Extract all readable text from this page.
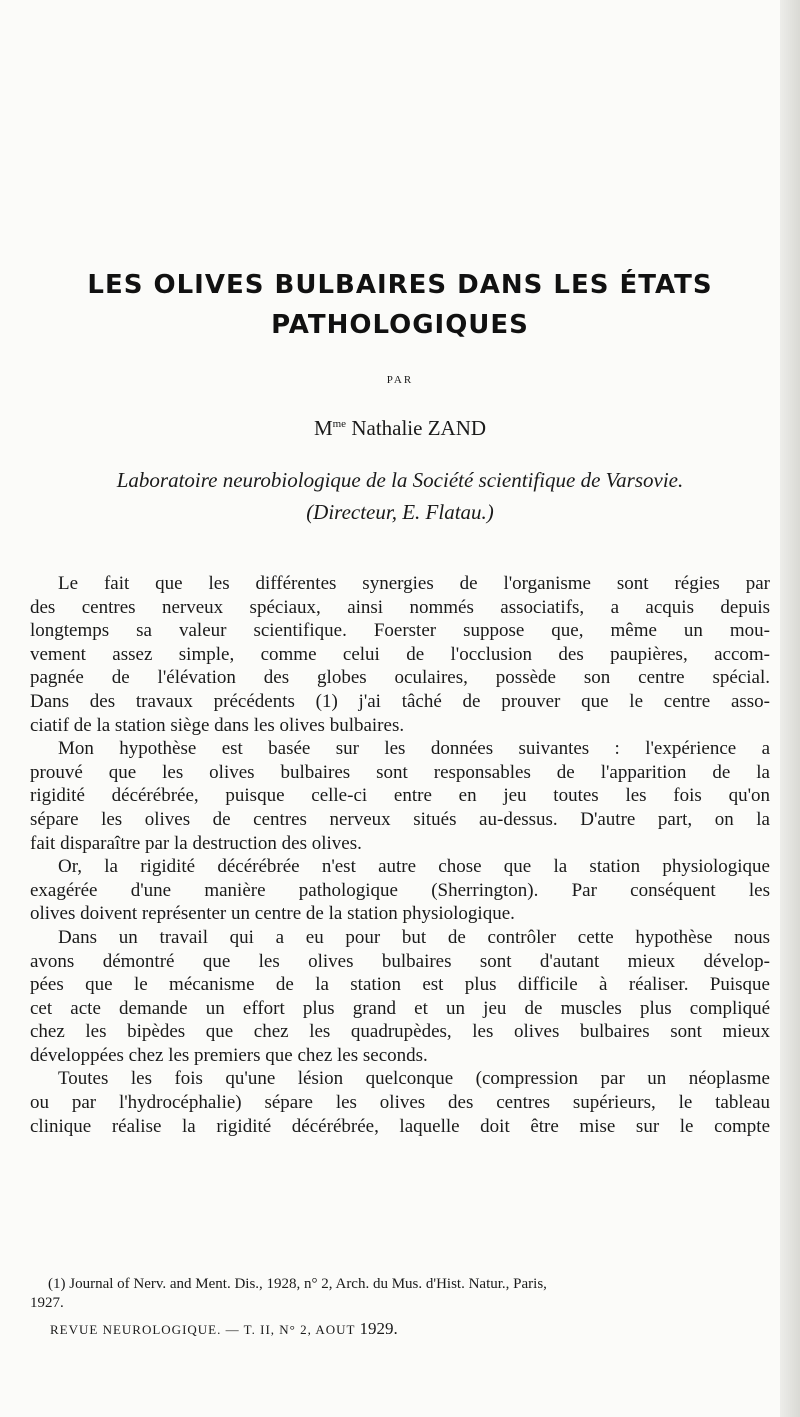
LES OLIVES BULBAIRES DANS LES ÉTATS
PATHOLOGIQUES
PAR
$M^{me}$ Nathalie ZAND
Laboratoire neurobiologique de la Société scientifique de Varsovie.
(Directeur, E. Flatau.)
Le fait que les différentes synergies de l'organisme sont régies par
des centres nerveux spéciaux, ainsi nommés associatifs, a acquis depuis
longtemps sa valeur scientifique. Foerster suppose que, même un mou-
vement assez simple, comme celui de l'occlusion des paupières, accom-
pagnée de l'élévation des globes oculaires, possède son centre spécial.
Dans des travaux précédents (1) j'ai tâché de prouver que le centre asso-
ciatif de la station siège dans les olives bulbaires.
Mon hypothèse est basée sur les données suivantes : l'expérience a
prouvé que les olives bulbaires sont responsables de l'apparition de la
rigidité décérébrée, puisque celle-ci entre en jeu toutes les fois qu'on
sépare les olives de centres nerveux situés au-dessus. D'autre part, on la
fait disparaître par la destruction des olives.
Or, la rigidité décérébrée n'est autre chose que la station physiologique
exagérée d'une manière pathologique (Sherrington). Par conséquent les
olives doivent représenter un centre de la station physiologique.
Dans un travail qui a eu pour but de contrôler cette hypothèse nous
avons démontré que les olives bulbaires sont d'autant mieux dévelop-
pées que le mécanisme de la station est plus difficile à réaliser. Puisque
cet acte demande un effort plus grand et un jeu de muscles plus compliqué
chez les bipèdes que chez les quadrupèdes, les olives bulbaires sont mieux
développées chez les premiers que chez les seconds.
Toutes les fois qu'une lésion quelconque (compression par un néoplasme
ou par l'hydrocéphalie) sépare les olives des centres supérieurs, le tableau
clinique réalise la rigidité décérébrée, laquelle doit être mise sur le compte
(1) Journal of Nerv. and Ment. Dis., 1928, n° 2, Arch. du Mus. d'Hist. Natur., Paris,
1927.
REVUE NEUROLOGIQUE. — T. II, N° 2, AOUT 1929.
